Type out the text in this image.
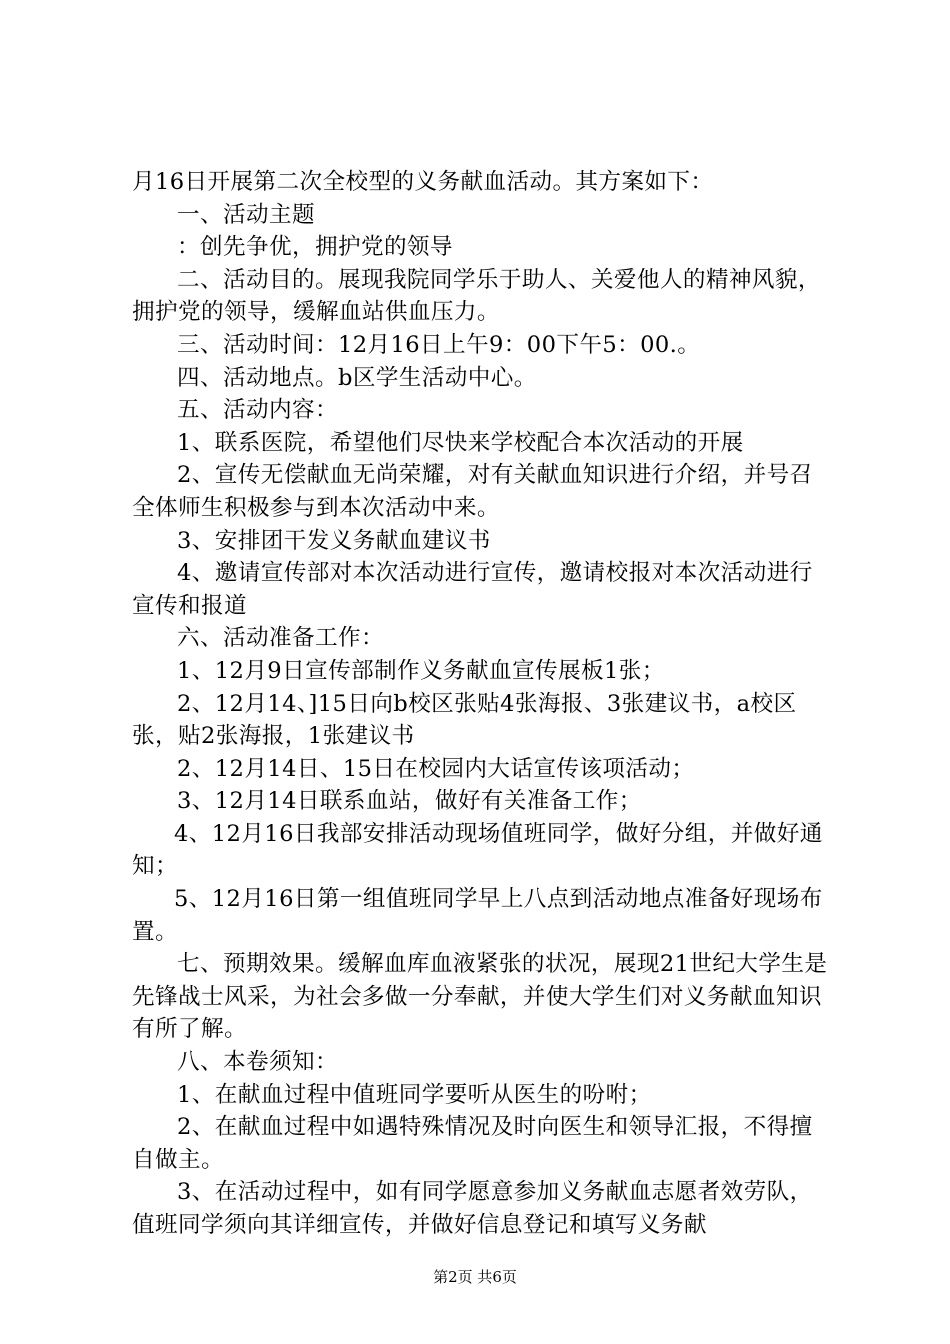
月16日开展第二次全校型的义务献血活动。其方案如下：

一、活动主题

：创先争优，拥护党的领导

二、活动目的。展现我院同学乐于助人、关爱他人的精神风貌，拥护党的领导，缓解血站供血压力。

三、活动时间：12月16日上午9：00下午5：00.。

四、活动地点。b区学生活动中心。

五、活动内容：

1、联系医院，希望他们尽快来学校配合本次活动的开展

2、宣传无偿献血无尚荣耀，对有关献血知识进行介绍，并号召全体师生积极参与到本次活动中来。

3、安排团干发义务献血建议书

4、邀请宣传部对本次活动进行宣传，邀请校报对本次活动进行宣传和报道

六、活动准备工作：

1、12月9日宣传部制作义务献血宣传展板1张；

2、12月14、]15日向b校区张贴4张海报、3张建议书，a校区张，贴2张海报，1张建议书

2、12月14日、15日在校园内大话宣传该项活动；

3、12月14日联系血站，做好有关准备工作；

4、12月16日我部安排活动现场值班同学，做好分组，并做好通知；

5、12月16日第一组值班同学早上八点到活动地点准备好现场布置。

七、预期效果。缓解血库血液紧张的状况，展现21世纪大学生是先锋战士风采，为社会多做一分奉献，并使大学生们对义务献血知识有所了解。

八、本卷须知：

1、在献血过程中值班同学要听从医生的吩咐；

2、在献血过程中如遇特殊情况及时向医生和领导汇报，不得擅自做主。

3、在活动过程中，如有同学愿意参加义务献血志愿者效劳队，值班同学须向其详细宣传，并做好信息登记和填写义务献

第2页 共6页
